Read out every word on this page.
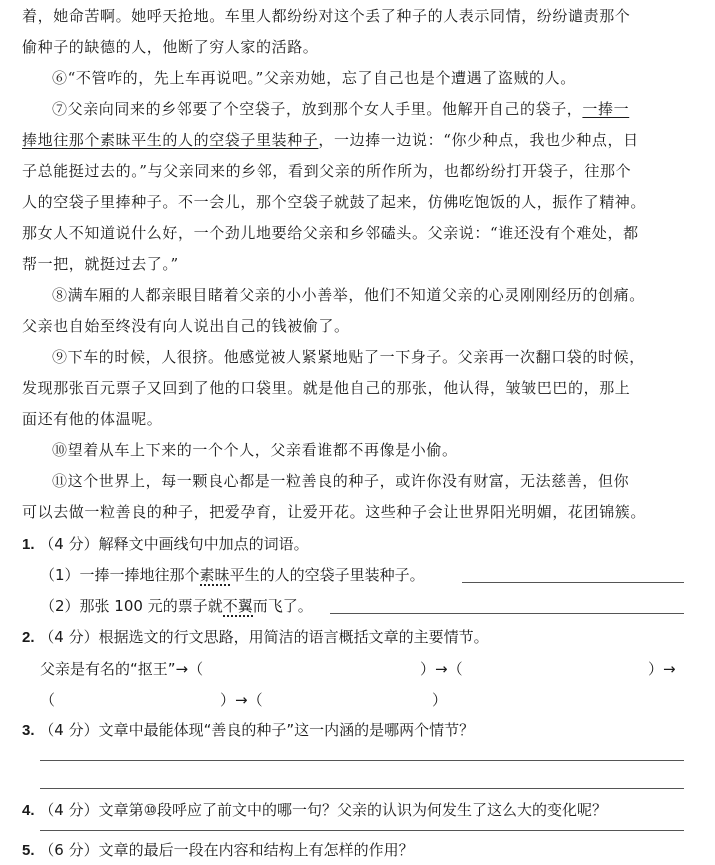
着，她命苦啊。她呼天抢地。车里人都纷纷对这个丢了种子的人表示同情，纷纷谴责那个
偷种子的缺德的人，他断了穷人家的活路。
⑥“不管咋的，先上车再说吧。”父亲劝她，忘了自己也是个遭遇了盗贼的人。
⑦父亲向同来的乡邻要了个空袋子，放到那个女人手里。他解开自己的袋子，一捧一
捧地往那个素昧平生的人的空袋子里装种子，一边捧一边说：“你少种点，我也少种点，日
子总能挺过去的。”与父亲同来的乡邻，看到父亲的所作所为，也都纷纷打开袋子，往那个
人的空袋子里捧种子。不一会儿，那个空袋子就鼓了起来，仿佛吃饱饭的人，振作了精神。
那女人不知道说什么好，一个劲儿地要给父亲和乡邻磕头。父亲说：“谁还没有个难处，都
帮一把，就挺过去了。”
⑧满车厢的人都亲眼目睹着父亲的小小善举，他们不知道父亲的心灵刚刚经历的创痛。
父亲也自始至终没有向人说出自己的钱被偷了。
⑨下车的时候，人很挤。他感觉被人紧紧地贴了一下身子。父亲再一次翻口袋的时候，
发现那张百元票子又回到了他的口袋里。就是他自己的那张，他认得，皱皱巴巴的，那上
面还有他的体温呢。
⑩望着从车上下来的一个个人，父亲看谁都不再像是小偷。
⑪这个世界上，每一颗良心都是一粒善良的种子，或许你没有财富，无法慈善，但你
可以去做一粒善良的种子，把爱孕育，让爱开花。这些种子会让世界阳光明媚，花团锦簇。
1. （4 分）解释文中画线句中加点的词语。
（1）一捧一捧地往那个素昧平生的人的空袋子里装种子。
（2）那张 100 元的票子就不翼而飞了。
2. （4 分）根据选文的行文思路，用简洁的语言概括文章的主要情节。
父亲是有名的“抠王”→（	）→（	）→
（	）→（	）
3. （4 分）文章中最能体现“善良的种子”这一内涵的是哪两个情节？
4. （4 分）文章第⑩段呼应了前文中的哪一句？父亲的认识为何发生了这么大的变化呢？
5. （6 分）文章的最后一段在内容和结构上有怎样的作用？
